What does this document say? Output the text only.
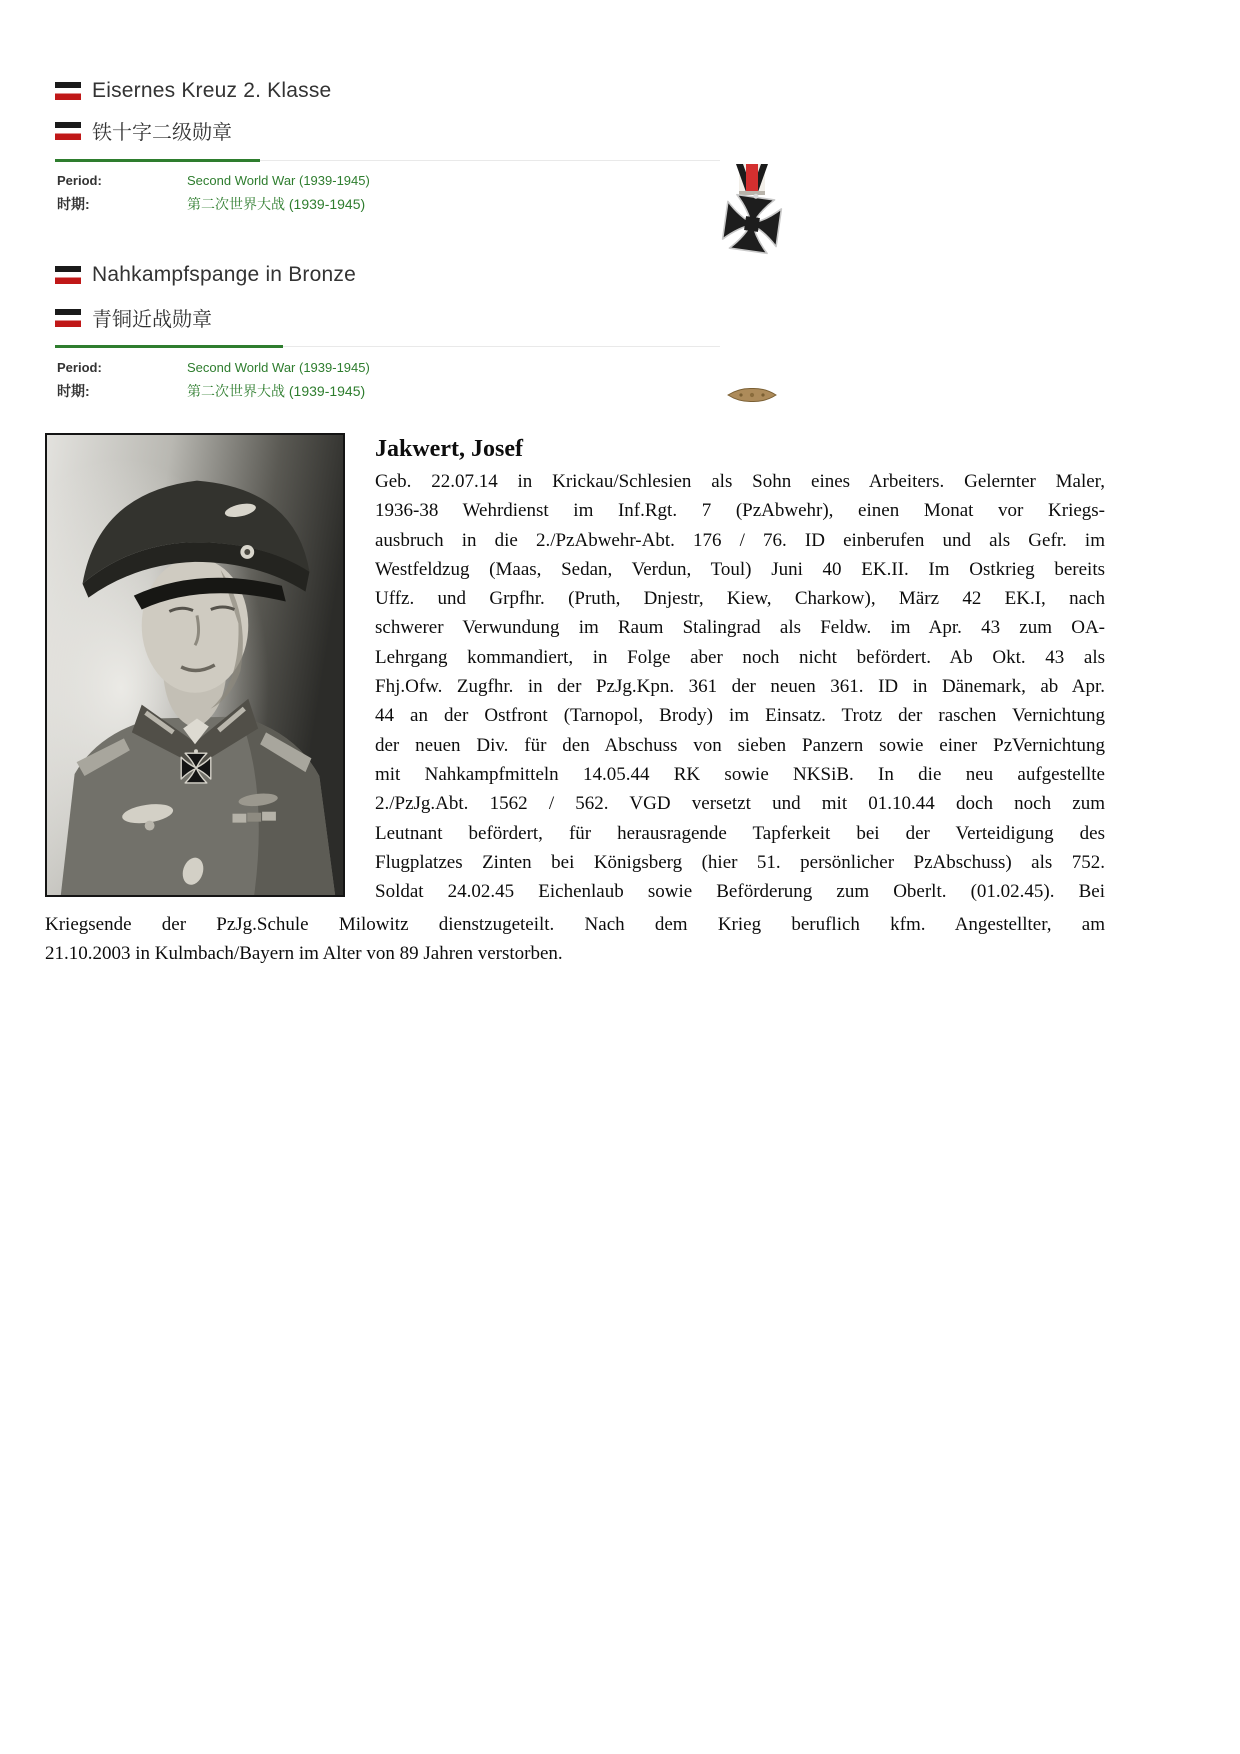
Eisernes Kreuz 2. Klasse
铁十字二级勋章
Period:	Second World War (1939-1945)
时期:	第二次世界大战 (1939-1945)
Nahkampfspange in Bronze
青铜近战勋章
Period:	Second World War (1939-1945)
时期:	第二次世界大战 (1939-1945)
Jakwert, Josef
Geb. 22.07.14 in Krickau/Schlesien als Sohn eines Arbeiters. Gelernter Maler,
1936-38 Wehrdienst im Inf.Rgt. 7 (PzAbwehr), einen Monat vor Kriegs-
ausbruch in die 2./PzAbwehr-Abt. 176 / 76. ID einberufen und als Gefr. im
Westfeldzug (Maas, Sedan, Verdun, Toul) Juni 40 EK.II. Im Ostkrieg bereits
Uffz. und Grpfhr. (Pruth, Dnjestr, Kiew, Charkow), März 42 EK.I, nach
schwerer Verwundung im Raum Stalingrad als Feldw. im Apr. 43 zum OA-
Lehrgang kommandiert, in Folge aber noch nicht befördert. Ab Okt. 43 als
Fhj.Ofw. Zugfhr. in der PzJg.Kpn. 361 der neuen 361. ID in Dänemark, ab Apr.
44 an der Ostfront (Tarnopol, Brody) im Einsatz. Trotz der raschen Vernichtung
der neuen Div. für den Abschuss von sieben Panzern sowie einer PzVernichtung
mit Nahkampfmitteln 14.05.44 RK sowie NKSiB. In die neu aufgestellte
2./PzJg.Abt. 1562 / 562. VGD versetzt und mit 01.10.44 doch noch zum
Leutnant befördert, für herausragende Tapferkeit bei der Verteidigung des
Flugplatzes Zinten bei Königsberg (hier 51. persönlicher PzAbschuss) als 752.
Soldat 24.02.45 Eichenlaub sowie Beförderung zum Oberlt. (01.02.45). Bei
Kriegsende der PzJg.Schule Milowitz dienstzugeteilt. Nach dem Krieg beruflich kfm. Angestellter, am
21.10.2003 in Kulmbach/Bayern im Alter von 89 Jahren verstorben.
